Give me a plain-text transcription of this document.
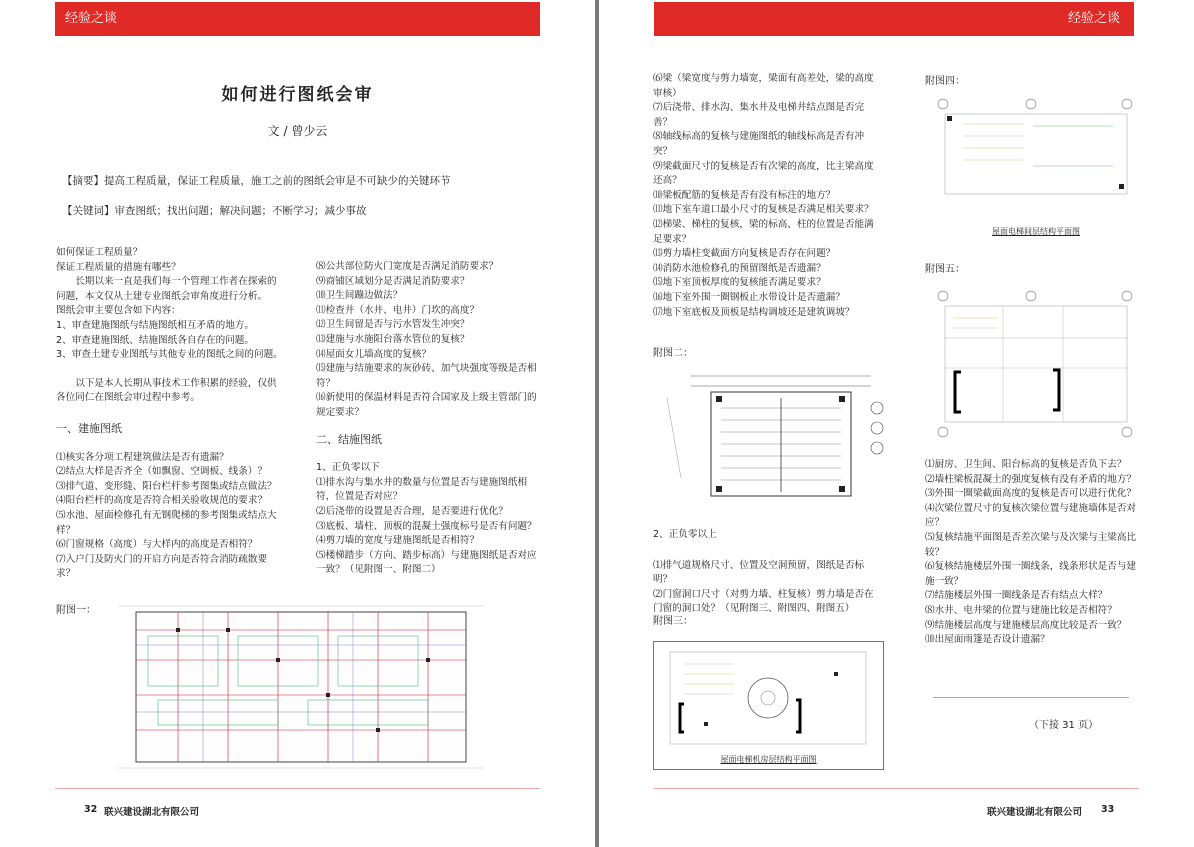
经验之谈
如何进行图纸会审
文 / 曾少云
【摘要】提高工程质量，保证工程质量，施工之前的图纸会审是不可缺少的关键环节
【关键词】审查图纸；找出问题；解决问题；不断学习；减少事故

如何保证工程质量？

保证工程质量的措施有哪些？

长期以来一直是我们每一个管理工作者在探索的问题，本文仅从土建专业图纸会审角度进行分析。

图纸会审主要包含如下内容：

1、审查建施图纸与结施图纸相互矛盾的地方。

2、审查建施图纸、结施图纸各自存在的问题。

3、审查土建专业图纸与其他专业的图纸之间的问题。

以下是本人长期从事技术工作积累的经验，仅供各位同仁在图纸会审过程中参考。

一、建施图纸

⑴核实各分项工程建筑做法是否有遗漏？

⑵结点大样是否齐全（如飘窗、空调板、线条）？

⑶排气道、变形缝、阳台栏杆参考图集或结点做法？

⑷阳台栏杆的高度是否符合相关验收规范的要求？

⑸水池、屋面检修孔有无钢爬梯的参考图集或结点大样？

⑹门窗规格（高度）与大样内的高度是否相符？

⑺入户门及防火门的开启方向是否符合消防疏散要求？

⑻公共部位防火门宽度是否满足消防要求？

⑼商铺区域划分是否满足消防要求？

⑽卫生间蹦边做法？

⑾检查井（水井、电井）门坎的高度？

⑿卫生间留是否与污水管发生冲突？

⒀建施与水施阳台落水管位的复核？

⒁屋面女儿墙高度的复核？

⒂建施与结施要求的灰砂砖、加气块强度等级是否相符？

⒃新使用的保温材料是否符合国家及上级主管部门的规定要求？

二、结施图纸

1、正负零以下

⑴排水沟与集水井的数量与位置是否与建施图纸相符，位置是否对应？

⑵后浇带的设置是否合理，是否要进行优化？

⑶底板、墙柱、顶板的混凝土强度标号是否有问题？

⑷剪刀墙的宽度与建施图纸是否相符？

⑸楼梯踏步（方向、踏步标高）与建施图纸是否对应一致？（见附图一、附图二）

附图一：
32 联兴建设湖北有限公司
经验之谈

⑹梁（梁宽度与剪力墙宽，梁面有高差处，梁的高度审核）

⑺后浇带、排水沟、集水井及电梯井结点图是否完善？

⑻轴线标高的复核与建施图纸的轴线标高是否有冲突？

⑼梁截面尺寸的复核是否有次梁的高度，比主梁高度还高？

⑽梁板配筋的复核是否有没有标注的地方？

⑾地下室车道口最小尺寸的复核是否满足相关要求？

⑿梯梁、梯柱的复核，梁的标高、柱的位置是否能满足要求？

⒀剪力墙柱变截面方向复核是否存在问题？

⒁消防水池检修孔的预留图纸是否遗漏？

⒂地下室顶板厚度的复核能否满足要求？

⒃地下室外围一圈钢板止水带设计是否遗漏？

⒄地下室底板及顶板是结构调坡还是建筑调坡？

附图二：

2、正负零以上

⑴排气道规格尺寸、位置及空洞预留，图纸是否标明？

⑵门窗洞口尺寸（对剪力墙、柱复核）剪力墙是否在门窗的洞口处？（见附图三、附图四、附图五）

附图三：
屋面电梯机房层结构平面图
附图四：
屋面电梯间层结构平面图
附图五：

⑴厨房、卫生间、阳台标高的复核是否负下去？

⑵墙柱梁板混凝土的强度复核有没有矛盾的地方？

⑶外围一圈梁截面高度的复核是否可以进行优化？

⑷次梁位置尺寸的复核次梁位置与建施墙体是否对应？

⑸复核结施平面图是否差次梁与及次梁与主梁高比较？

⑹复核结施楼层外围一圈线条，线条形状是否与建施一致？

⑺结施楼层外围一圈线条是否有结点大样？

⑻水井、电井梁的位置与建施比较是否相符？

⑼结施楼层高度与建施楼层高度比较是否一致？

⑽出屋面雨篷是否设计遗漏？

（下接 31 页）
联兴建设湖北有限公司 33
